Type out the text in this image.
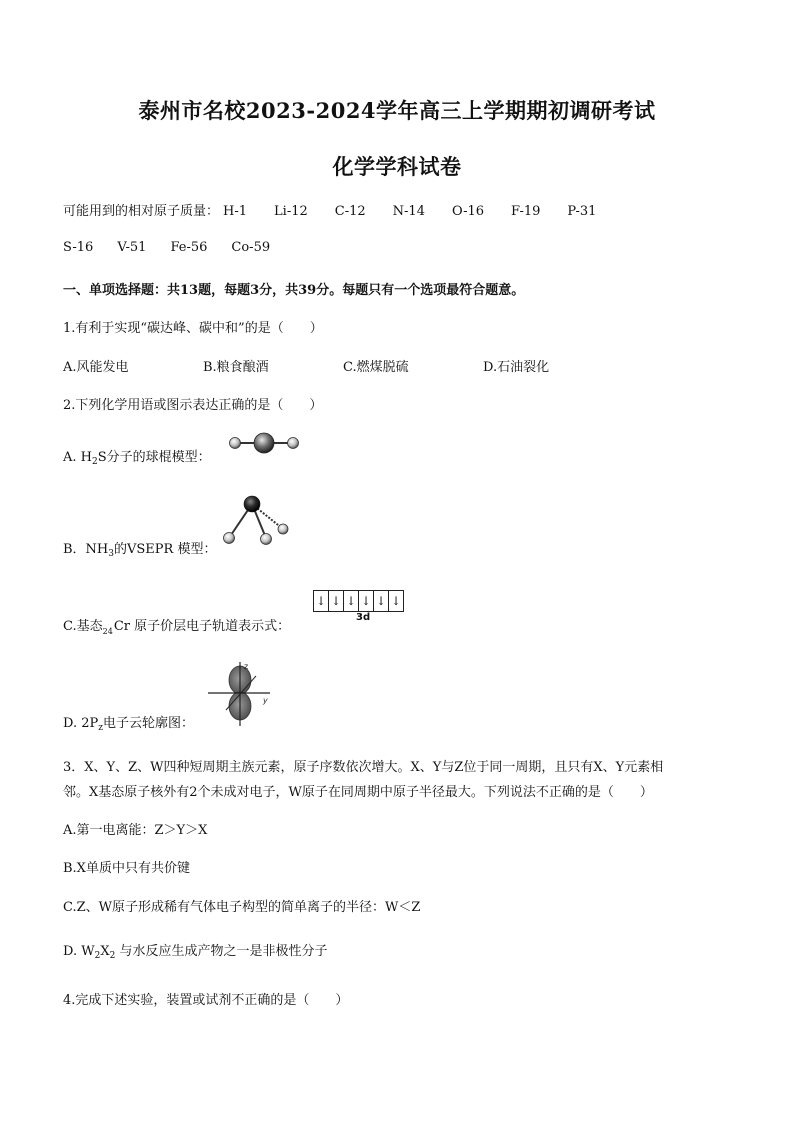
泰州市名校2023-2024学年高三上学期期初调研考试
化学学科试卷
可能用到的相对原子质量： H-1 Li-12 C-12 N-14 O-16 F-19 P-31
S-16 V-51 Fe-56 Co-59
一、单项选择题：共13题，每题3分，共39分。每题只有一个选项最符合题意。
1.有利于实现“碳达峰、碳中和”的是（　　）
A.风能发电	B.粮食酿酒	C.燃煤脱硫	D.石油裂化
2.下列化学用语或图示表达正确的是（　　）
A. $H_2S$分子的球棍模型：
B．$NH_3$的VSEPR 模型：
C.基态$_{24}$Cr 原子价层电子轨道表示式：
↓ ↓ ↓ ↓ ↓ ↓
3d
D. $2P_z$电子云轮廓图：
z
y
3．X、Y、Z、W四种短周期主族元素，原子序数依次增大。X、Y与Z位于同一周期，且只有X、Y元素相
邻。X基态原子核外有2个未成对电子，W原子在同周期中原子半径最大。下列说法不正确的是（　　）
A.第一电离能：Z＞Y＞X
B.X单质中只有共价键
C.Z、W原子形成稀有气体电子构型的简单离子的半径：W＜Z
D. $W_2X_2$ 与水反应生成产物之一是非极性分子
4.完成下述实验，装置或试剂不正确的是（　　）
